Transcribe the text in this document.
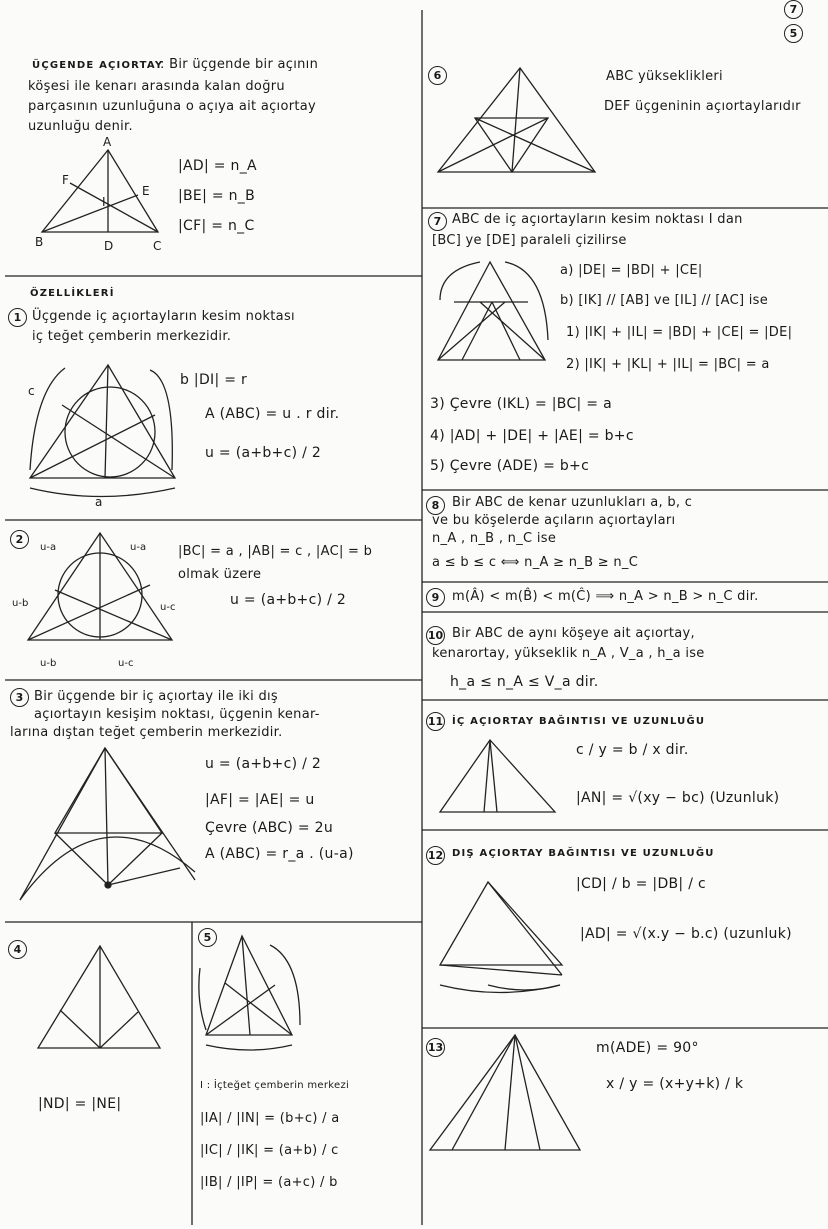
7
5
ÜÇGENDE AÇIORTAY
: Bir üçgende bir açının
köşesi ile kenarı arasında kalan doğru
parçasının uzunluğuna o açıya ait açıortay
uzunluğu denir.
A
F
E
I
B	D	C
|AD| = n_A
|BE| = n_B
|CF| = n_C
ÖZELLİKLERİ
1 Üçgende iç açıortayların kesim noktası
iç teğet çemberin merkezidir.
b |DI| = r
A (ABC) = u . r dir.
u = (a+b+c) / 2
c
a
2
u-a	u-a
u-b	u-c
u-b	u-c
|BC| = a , |AB| = c , |AC| = b
olmak üzere
u = (a+b+c) / 2
3 Bir üçgende bir iç açıortay ile iki dış
açıortayın kesişim noktası, üçgenin kenar-
larına dıştan teğet çemberin merkezidir.
u = (a+b+c) / 2
|AF| = |AE| = u
Çevre (ABC) = 2u
A (ABC) = r_a . (u-a)
4
|ND| = |NE|
5
I : İçteğet çemberin merkezi
|IA| / |IN| = (b+c) / a
|IC| / |IK| = (a+b) / c
|IB| / |IP| = (a+c) / b
6	ABC yükseklikleri
DEF üçgeninin açıortaylarıdır
7 ABC de iç açıortayların kesim noktası I dan
[BC] ye [DE] paraleli çizilirse
a) |DE| = |BD| + |CE|
b) [IK] // [AB] ve [IL] // [AC] ise
1) |IK| + |IL| = |BD| + |CE| = |DE|
2) |IK| + |KL| + |IL| = |BC| = a
3) Çevre (IKL) = |BC| = a
4) |AD| + |DE| + |AE| = b+c
5) Çevre (ADE) = b+c
8 Bir ABC de kenar uzunlukları a, b, c
ve bu köşelerde açıların açıortayları
n_A , n_B , n_C ise
a ≤ b ≤ c ⟺ n_A ≥ n_B ≥ n_C
9 m(Â) < m(B̂) < m(Ĉ) ⟹ n_A > n_B > n_C dir.
10 Bir ABC de aynı köşeye ait açıortay,
kenarortay, yükseklik n_A , V_a , h_a ise
h_a ≤ n_A ≤ V_a dir.
11 İÇ AÇIORTAY BAĞINTISI VE UZUNLUĞU
c / y = b / x dir.
|AN| = √(xy − bc) (Uzunluk)
12 DIŞ AÇIORTAY BAĞINTISI VE UZUNLUĞU
|CD| / b = |DB| / c
|AD| = √(x.y − b.c) (uzunluk)
13	m(ADE) = 90°
x / y = (x+y+k) / k
